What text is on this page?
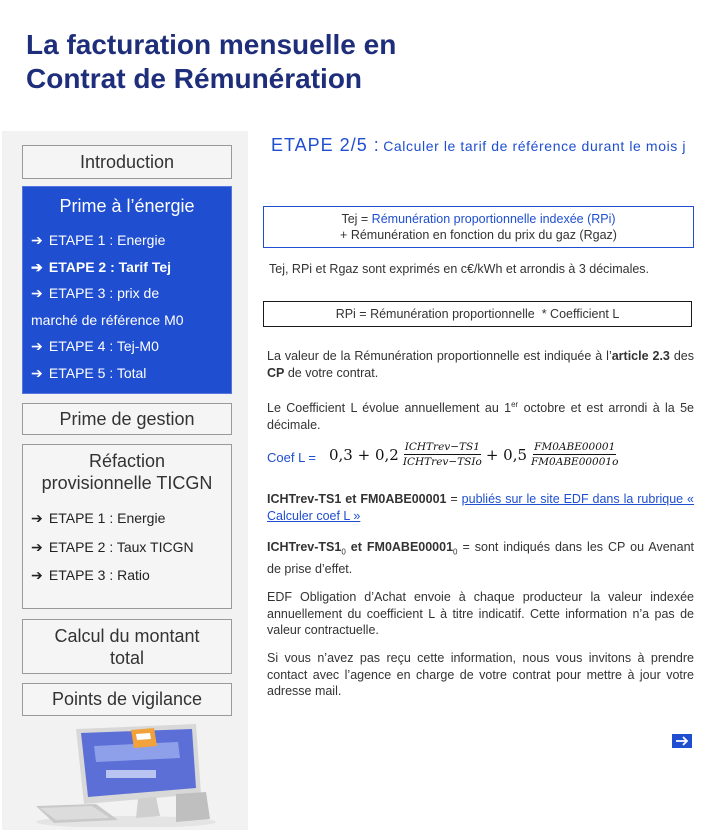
La facturation mensuelle en
Contrat de Rémunération
Introduction
Prime à l’énergie
➔ ETAPE 1 : Energie
➔ ETAPE 2 : Tarif Tej
➔ ETAPE 3 : prix de
marché de référence M0
➔ ETAPE 4 : Tej-M0
➔ ETAPE 5 : Total
Prime de gestion
Réfaction
provisionnelle TICGN
➔ ETAPE 1 : Energie
➔ ETAPE 2 : Taux TICGN
➔ ETAPE 3 : Ratio
Calcul du montant
total
Points de vigilance
ETAPE 2/5 : Calculer le tarif de référence durant le mois j
Tej = Rémunération proportionnelle indexée (RPi)
+ Rémunération en fonction du prix du gaz (Rgaz)
Tej, RPi et Rgaz sont exprimés en c€/kWh et arrondis à 3 décimales.
RPi = Rémunération proportionnelle  * Coefficient L
La valeur de la Rémunération proportionnelle est indiquée à l’article 2.3 des CP de votre contrat.
Le Coefficient L évolue annuellement au 1er octobre et est arrondi à la 5e décimale.
Coef $L = 0,3 + 0,2 \frac{\text{ICHTrev−TS1}}{\text{ICHTrev−TSIo}} + 0,5 \frac{\text{FM0ABE00001}}{\text{FM0ABE00001o}}$
ICHTrev-TS1 et FM0ABE00001 = publiés sur le site EDF dans la rubrique « Calculer coef L »
ICHTrev-$TS1_0$ et $FM0ABE00001_0$ = sont indiqués dans les CP ou Avenant de prise d’effet.
EDF Obligation d’Achat envoie à chaque producteur la valeur indexée annuellement du coefficient L à titre indicatif. Cette information n’a pas de valeur contractuelle.
Si vous n’avez pas reçu cette information, nous vous invitons à prendre contact avec l’agence en charge de votre contrat pour mettre à jour votre adresse mail.
